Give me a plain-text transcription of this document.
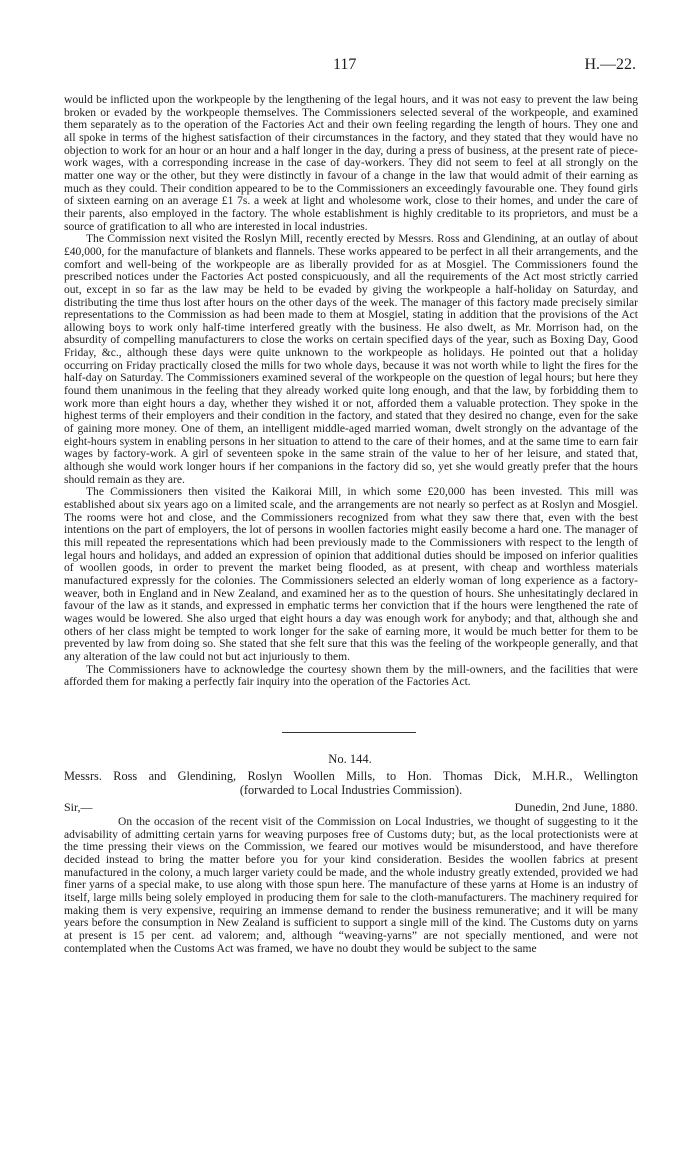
117	H.—22.

would be inflicted upon the workpeople by the lengthening of the legal hours, and it was not easy to prevent the law being broken or evaded by the workpeople themselves. The Commissioners selected several of the workpeople, and examined them separately as to the operation of the Factories Act and their own feeling regarding the length of hours. They one and all spoke in terms of the highest satisfaction of their circumstances in the factory, and they stated that they would have no objection to work for an hour or an hour and a half longer in the day, during a press of business, at the present rate of piece-work wages, with a corresponding increase in the case of day-workers. They did not seem to feel at all strongly on the matter one way or the other, but they were distinctly in favour of a change in the law that would admit of their earning as much as they could. Their condition appeared to be to the Commissioners an exceedingly favourable one. They found girls of sixteen earning on an average £1 7s. a week at light and wholesome work, close to their homes, and under the care of their parents, also employed in the factory. The whole establishment is highly creditable to its proprietors, and must be a source of gratification to all who are interested in local industries.

The Commission next visited the Roslyn Mill, recently erected by Messrs. Ross and Glendining, at an outlay of about £40,000, for the manufacture of blankets and flannels. These works appeared to be perfect in all their arrangements, and the comfort and well-being of the workpeople are as liberally provided for as at Mosgiel. The Commissioners found the prescribed notices under the Factories Act posted conspicuously, and all the requirements of the Act most strictly carried out, except in so far as the law may be held to be evaded by giving the workpeople a half-holiday on Saturday, and distributing the time thus lost after hours on the other days of the week. The manager of this factory made precisely similar representations to the Commission as had been made to them at Mosgiel, stating in addition that the provisions of the Act allowing boys to work only half-time interfered greatly with the business. He also dwelt, as Mr. Morrison had, on the absurdity of compelling manufacturers to close the works on certain specified days of the year, such as Boxing Day, Good Friday, &c., although these days were quite unknown to the workpeople as holidays. He pointed out that a holiday occurring on Friday practically closed the mills for two whole days, because it was not worth while to light the fires for the half-day on Saturday. The Commissioners examined several of the workpeople on the question of legal hours; but here they found them unanimous in the feeling that they already worked quite long enough, and that the law, by forbidding them to work more than eight hours a day, whether they wished it or not, afforded them a valuable protection. They spoke in the highest terms of their employers and their condition in the factory, and stated that they desired no change, even for the sake of gaining more money. One of them, an intelligent middle-aged married woman, dwelt strongly on the advantage of the eight-hours system in enabling persons in her situation to attend to the care of their homes, and at the same time to earn fair wages by factory-work. A girl of seventeen spoke in the same strain of the value to her of her leisure, and stated that, although she would work longer hours if her companions in the factory did so, yet she would greatly prefer that the hours should remain as they are.

The Commissioners then visited the Kaikorai Mill, in which some £20,000 has been invested. This mill was established about six years ago on a limited scale, and the arrangements are not nearly so perfect as at Roslyn and Mosgiel. The rooms were hot and close, and the Commissioners recognized from what they saw there that, even with the best intentions on the part of employers, the lot of persons in woollen factories might easily become a hard one. The manager of this mill repeated the representations which had been previously made to the Commissioners with respect to the length of legal hours and holidays, and added an expression of opinion that additional duties should be imposed on inferior qualities of woollen goods, in order to prevent the market being flooded, as at present, with cheap and worthless materials manufactured expressly for the colonies. The Commissioners selected an elderly woman of long experience as a factory-weaver, both in England and in New Zealand, and examined her as to the question of hours. She unhesitatingly declared in favour of the law as it stands, and expressed in emphatic terms her conviction that if the hours were lengthened the rate of wages would be lowered. She also urged that eight hours a day was enough work for anybody; and that, although she and others of her class might be tempted to work longer for the sake of earning more, it would be much better for them to be prevented by law from doing so. She stated that she felt sure that this was the feeling of the workpeople generally, and that any alteration of the law could not but act injuriously to them.

The Commissioners have to acknowledge the courtesy shown them by the mill-owners, and the facilities that were afforded them for making a perfectly fair inquiry into the operation of the Factories Act.

No. 144.
Messrs. Ross and Glendining, Roslyn Woollen Mills, to Hon. Thomas Dick, M.H.R., Wellington
(forwarded to Local Industries Commission).
Sir,—	Dunedin, 2nd June, 1880.

On the occasion of the recent visit of the Commission on Local Industries, we thought of suggesting to it the advisability of admitting certain yarns for weaving purposes free of Customs duty; but, as the local protectionists were at the time pressing their views on the Commission, we feared our motives would be misunderstood, and have therefore decided instead to bring the matter before you for your kind consideration. Besides the woollen fabrics at present manufactured in the colony, a much larger variety could be made, and the whole industry greatly extended, provided we had finer yarns of a special make, to use along with those spun here. The manufacture of these yarns at Home is an industry of itself, large mills being solely employed in producing them for sale to the cloth-manufacturers. The machinery required for making them is very expensive, requiring an immense demand to render the business remunerative; and it will be many years before the consumption in New Zealand is sufficient to support a single mill of the kind. The Customs duty on yarns at present is 15 per cent. ad valorem; and, although “weaving-yarns” are not specially mentioned, and were not contemplated when the Customs Act was framed, we have no doubt they would be subject to the same
